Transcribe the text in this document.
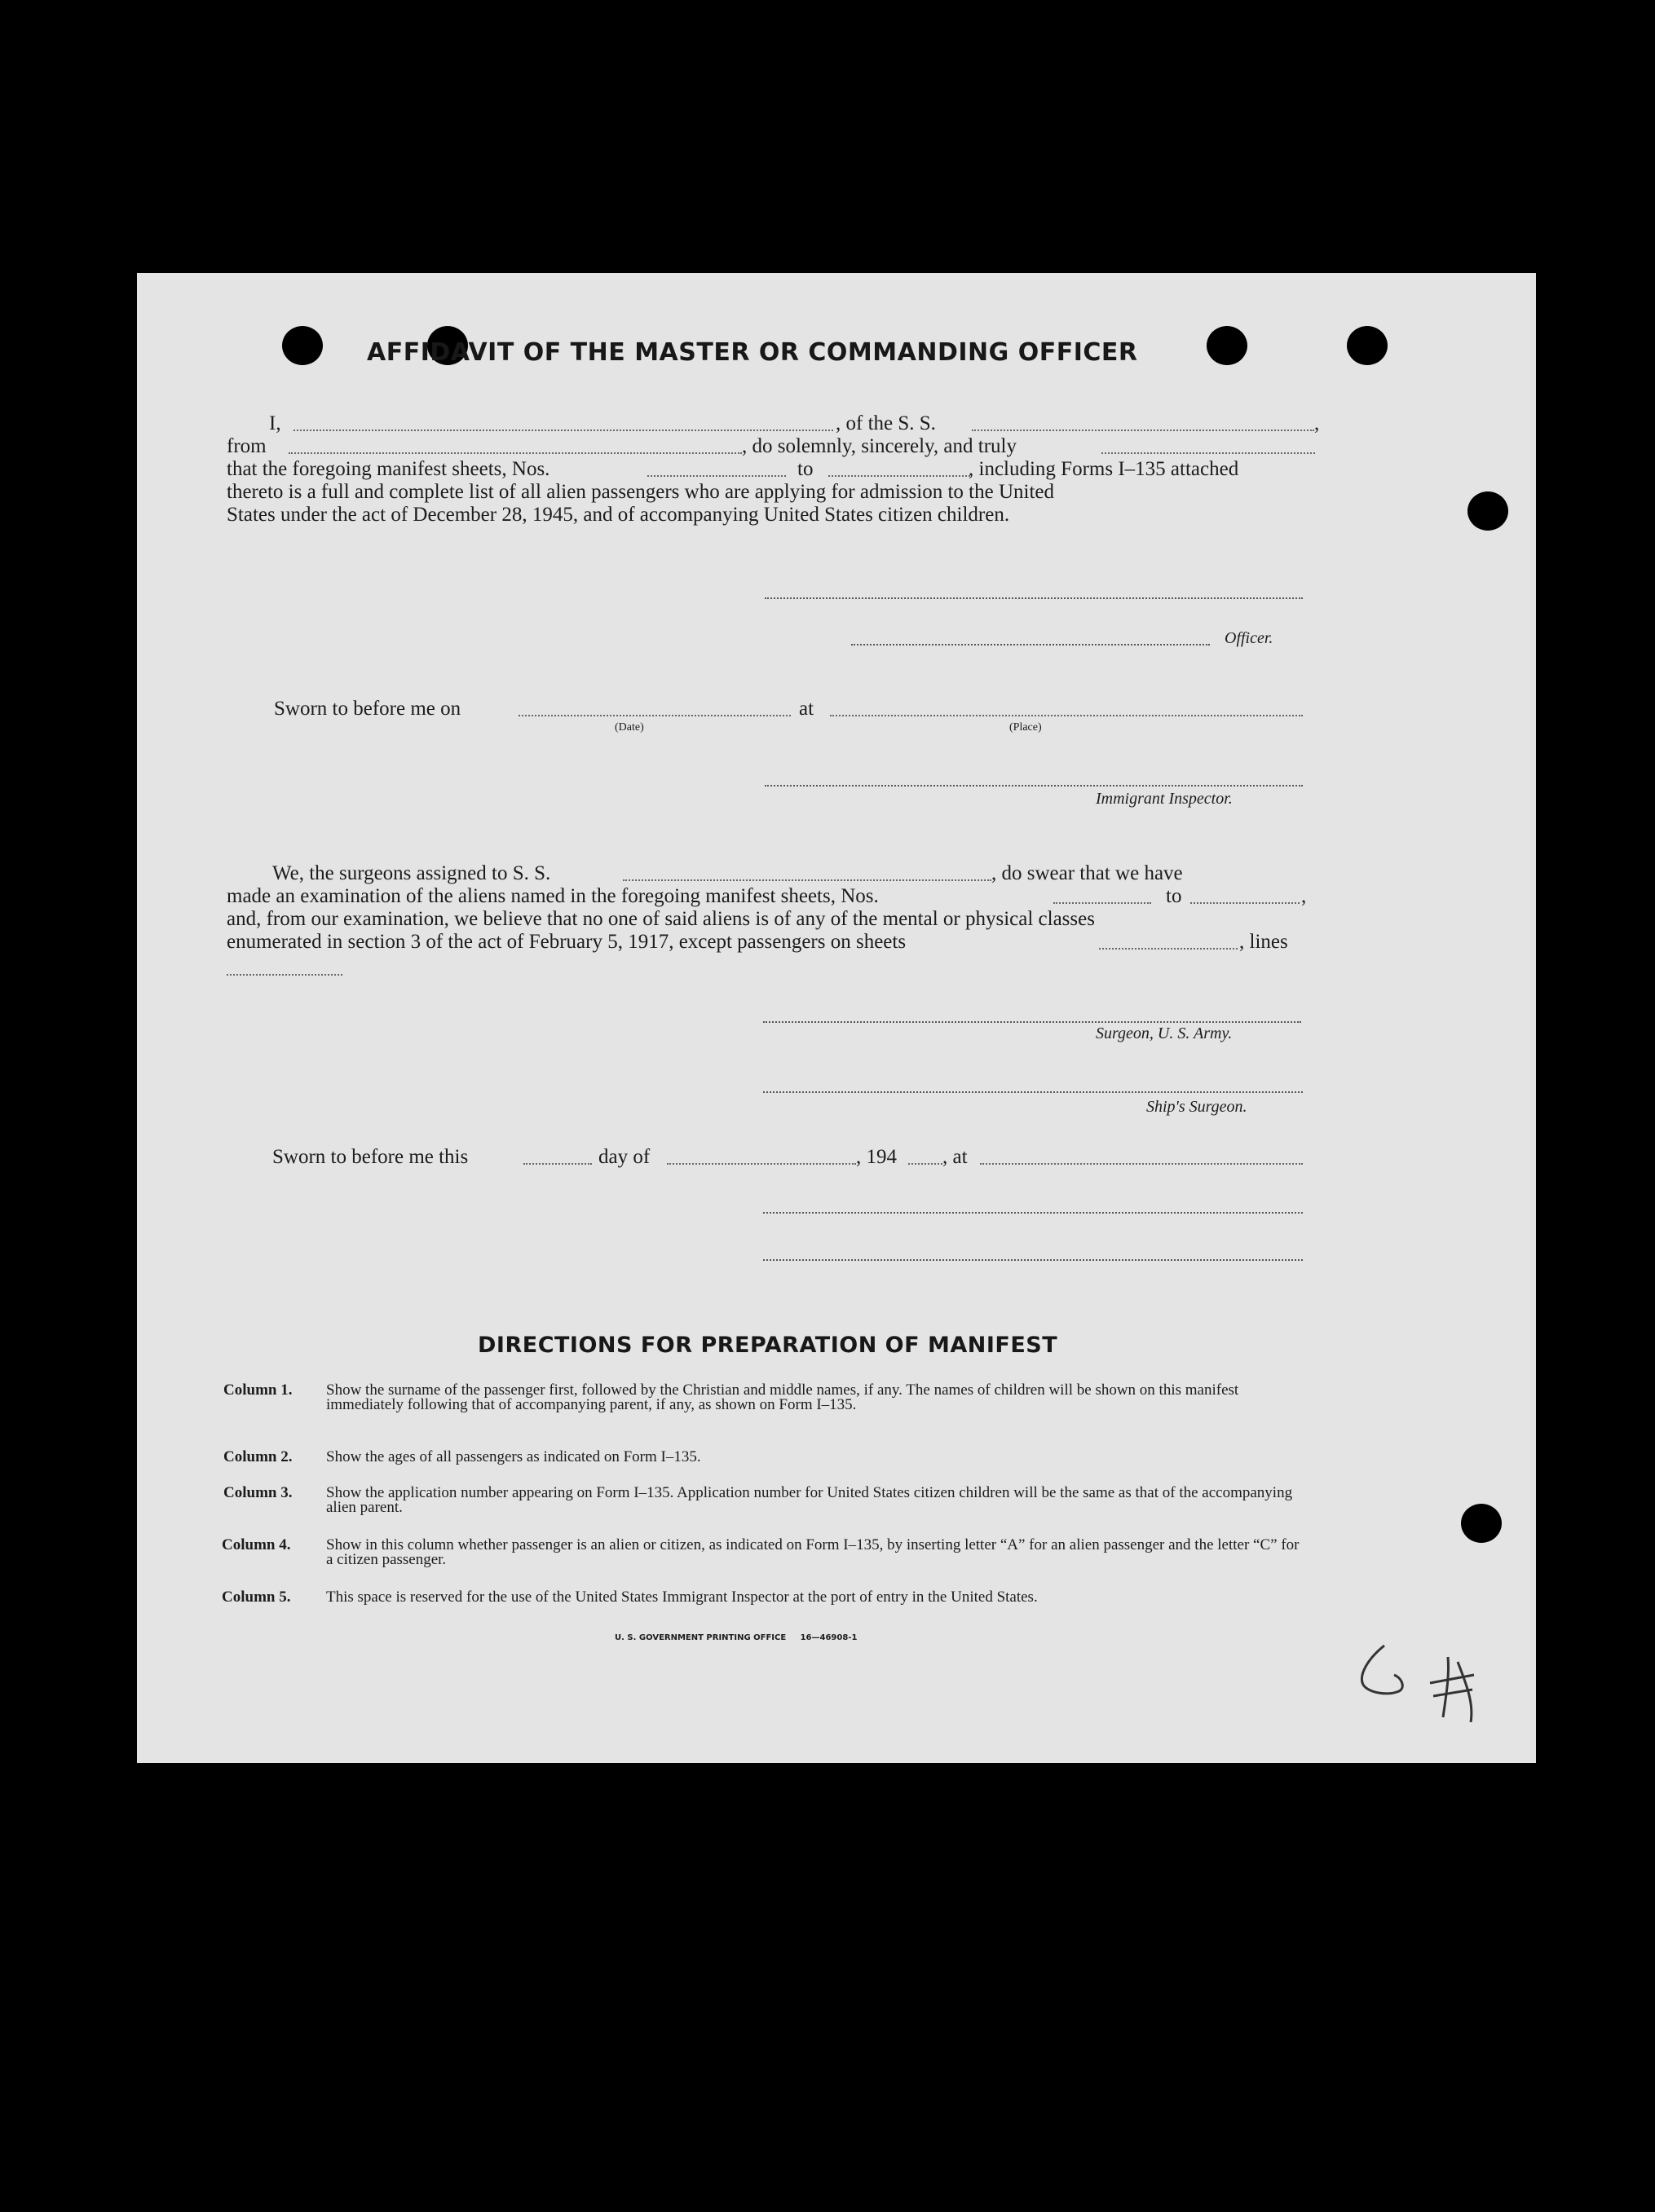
AFFIDAVIT OF THE MASTER OR COMMANDING OFFICER
I,	, of the S. S.	,
from	, do solemnly, sincerely, and truly
that the foregoing manifest sheets, Nos.	to	, including Forms I–135 attached
thereto is a full and complete list of all alien passengers who are applying for admission to the United
States under the act of December 28, 1945, and of accompanying United States citizen children.
Officer.
Sworn to before me on
(Date)
at
(Place)
Immigrant Inspector.
We, the surgeons assigned to S. S.	, do swear that we have
made an examination of the aliens named in the foregoing manifest sheets, Nos.	to	,
and, from our examination, we believe that no one of said aliens is of any of the mental or physical classes
enumerated in section 3 of the act of February 5, 1917, except passengers on sheets	, lines
Surgeon, U. S. Army.
Ship's Surgeon.
Sworn to before me this	day of	, 194 , at
DIRECTIONS FOR PREPARATION OF MANIFEST
Column 1. Show the surname of the passenger first, followed by the Christian and middle names, if any. The names of children will be shown on this manifest immediately following that of accompanying parent, if any, as shown on Form I–135.
Column 2. Show the ages of all passengers as indicated on Form I–135.
Column 3. Show the application number appearing on Form I–135. Application number for United States citizen children will be the same as that of the accompanying alien parent.
Column 4. Show in this column whether passenger is an alien or citizen, as indicated on Form I–135, by inserting letter “A” for an alien passenger and the letter “C” for a citizen passenger.
Column 5. This space is reserved for the use of the United States Immigrant Inspector at the port of entry in the United States.
U. S. GOVERNMENT PRINTING OFFICE     16—46908-1
